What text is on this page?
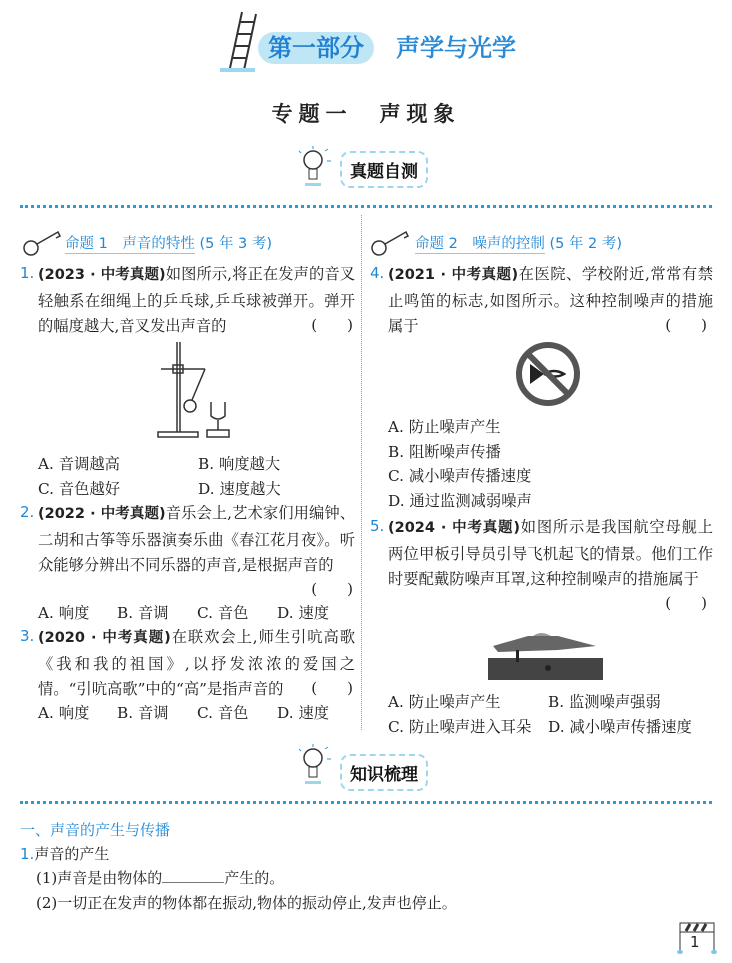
第一部分 声学与光学
专题一　声现象
真题自测
命题 1　声音的特性 (5 年 3 考)
1. (2023 · 中考真题)如图所示,将正在发声的音叉轻触系在细绳上的乒乓球,乒乓球被弹开。弹开的幅度越大,音叉发出声音的	(　　)
A. 音调越高	B. 响度越大
C. 音色越好	D. 速度越大
2. (2022 · 中考真题)音乐会上,艺术家们用编钟、二胡和古筝等乐器演奏乐曲《春江花月夜》。听众能够分辨出不同乐器的声音,是根据声音的
(　　)
A. 响度 B. 音调 C. 音色 D. 速度
3. (2020 · 中考真题)在联欢会上,师生引吭高歌《我和我的祖国》,以抒发浓浓的爱国之情。“引吭高歌”中的“高”是指声音的	(　　)
A. 响度 B. 音调 C. 音色 D. 速度
命题 2　噪声的控制 (5 年 2 考)
4. (2021 · 中考真题)在医院、学校附近,常常有禁止鸣笛的标志,如图所示。这种控制噪声的措施属于	(　　)
A. 防止噪声产生
B. 阻断噪声传播
C. 减小噪声传播速度
D. 通过监测减弱噪声
5. (2024 · 中考真题)如图所示是我国航空母舰上两位甲板引导员引导飞机起飞的情景。他们工作时要配戴防噪声耳罩,这种控制噪声的措施属于
(　　)
A. 防止噪声产生	B. 监测噪声强弱
C. 防止噪声进入耳朵 D. 减小噪声传播速度
知识梳理
一、声音的产生与传播
1.声音的产生
(1)声音是由物体的	产生的。
(2)一切正在发声的物体都在振动,物体的振动停止,发声也停止。
1
